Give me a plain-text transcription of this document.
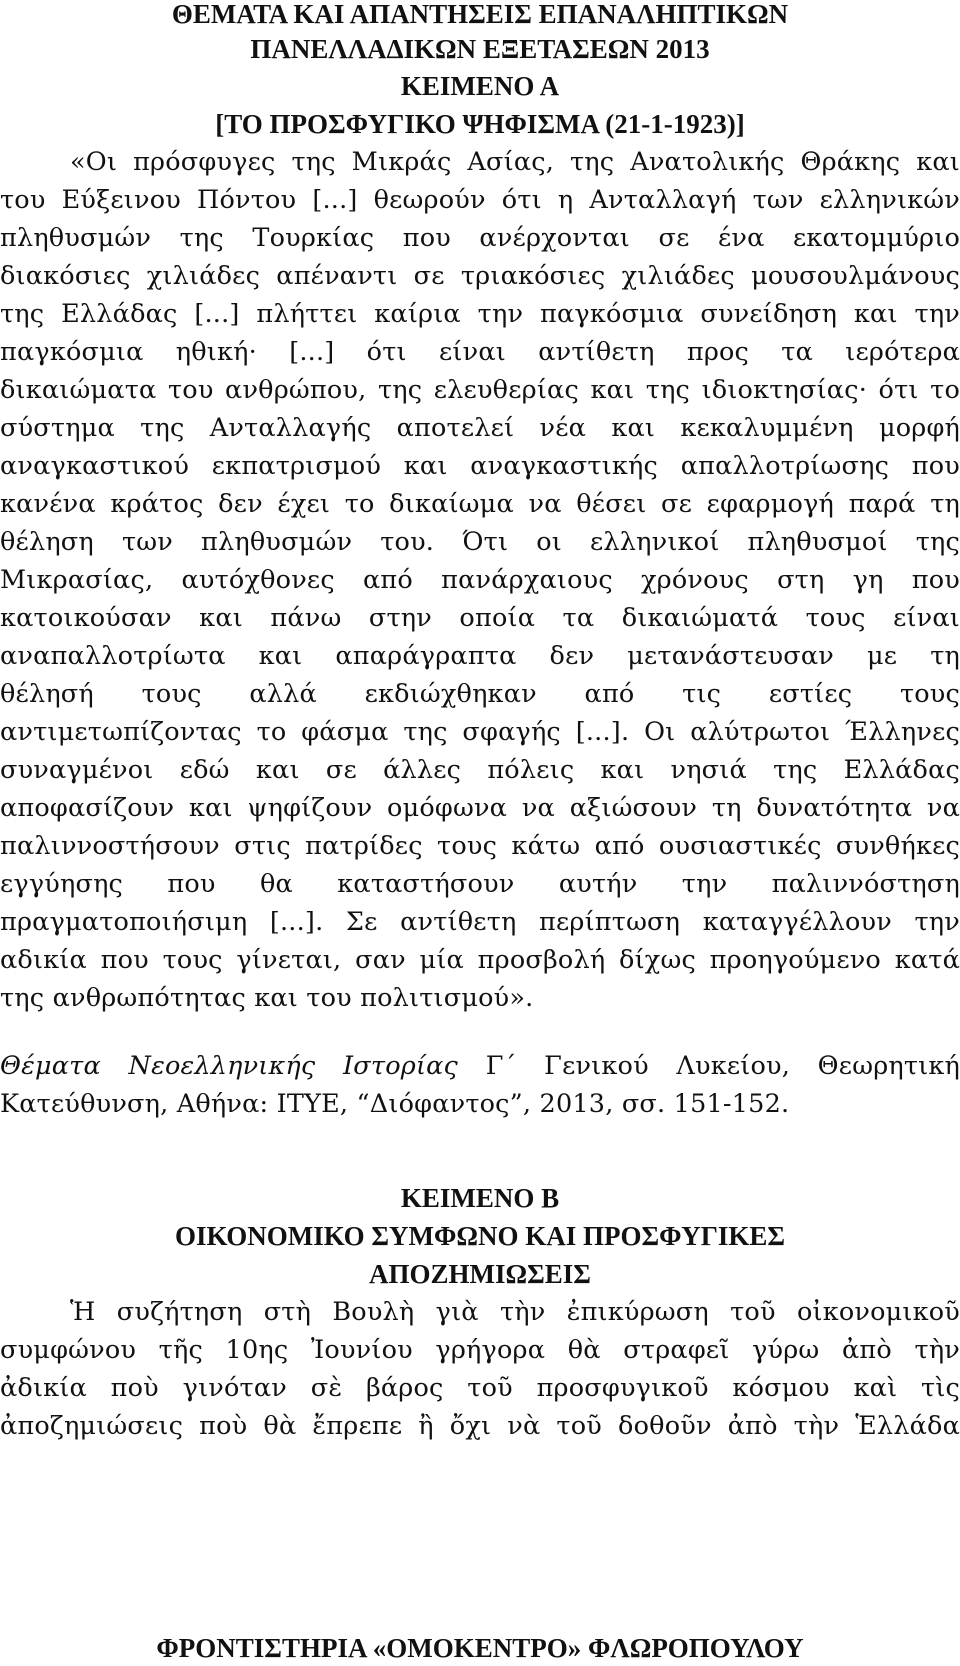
ΘΕΜΑΤΑ ΚΑΙ ΑΠΑΝΤΗΣΕΙΣ ΕΠΑΝΑΛΗΠΤΙΚΩΝ
ΠΑΝΕΛΛΑΔΙΚΩΝ ΕΞΕΤΑΣΕΩΝ 2013
ΚΕΙΜΕΝΟ Α
[ΤΟ ΠΡΟΣΦΥΓΙΚΟ ΨΗΦΙΣΜΑ (21-1-1923)]
«Οι πρόσφυγες της Μικράς Ασίας, της Ανατολικής Θράκης και
του Εύξεινου Πόντου [...] θεωρούν ότι η Ανταλλαγή των ελληνικών
πληθυσμών της Τουρκίας που ανέρχονται σε ένα εκατομμύριο
διακόσιες χιλιάδες απέναντι σε τριακόσιες χιλιάδες μουσουλμάνους
της Ελλάδας [...] πλήττει καίρια την παγκόσμια συνείδηση και την
παγκόσμια ηθική· [...] ότι είναι αντίθετη προς τα ιερότερα
δικαιώματα του ανθρώπου, της ελευθερίας και της ιδιοκτησίας· ότι το
σύστημα της Ανταλλαγής αποτελεί νέα και κεκαλυμμένη μορφή
αναγκαστικού εκπατρισμού και αναγκαστικής απαλλοτρίωσης που
κανένα κράτος δεν έχει το δικαίωμα να θέσει σε εφαρμογή παρά τη
θέληση των πληθυσμών του. Ότι οι ελληνικοί πληθυσμοί της
Μικρασίας, αυτόχθονες από πανάρχαιους χρόνους στη γη που
κατοικούσαν και πάνω στην οποία τα δικαιώματά τους είναι
αναπαλλοτρίωτα και απαράγραπτα δεν μετανάστευσαν με τη
θέλησή τους αλλά εκδιώχθηκαν από τις εστίες τους
αντιμετωπίζοντας το φάσμα της σφαγής [...]. Οι αλύτρωτοι Έλληνες
συναγμένοι εδώ και σε άλλες πόλεις και νησιά της Ελλάδας
αποφασίζουν και ψηφίζουν ομόφωνα να αξιώσουν τη δυνατότητα να
παλιννοστήσουν στις πατρίδες τους κάτω από ουσιαστικές συνθήκες
εγγύησης που θα καταστήσουν αυτήν την παλιννόστηση
πραγματοποιήσιμη [...]. Σε αντίθετη περίπτωση καταγγέλλουν την
αδικία που τους γίνεται, σαν μία προσβολή δίχως προηγούμενο κατά
της ανθρωπότητας και του πολιτισμού».
Θέματα Νεοελληνικής Ιστορίας Γ΄ Γενικού Λυκείου, Θεωρητική
Κατεύθυνση, Αθήνα: ΙΤΥΕ, “Διόφαντος”, 2013, σσ. 151-152.
ΚΕΙΜΕΝΟ Β
ΟΙΚΟΝΟΜΙΚΟ ΣΥΜΦΩΝΟ ΚΑΙ ΠΡΟΣΦΥΓΙΚΕΣ
ΑΠΟΖΗΜΙΩΣΕΙΣ
Ἡ συζήτηση στὴ Βουλὴ γιὰ τὴν ἐπικύρωση τοῦ οἰκονομικοῦ
συμφώνου τῆς 10ης Ἰουνίου γρήγορα θὰ στραφεῖ γύρω ἀπὸ τὴν
ἀδικία ποὺ γινόταν σὲ βάρος τοῦ προσφυγικοῦ κόσμου καὶ τὶς
ἀποζημιώσεις ποὺ θὰ ἔπρεπε ἢ ὄχι νὰ τοῦ δοθοῦν ἀπὸ τὴν Ἑλλάδα
ΦΡΟΝΤΙΣΤΗΡΙΑ «ΟΜΟΚΕΝΤΡΟ» ΦΛΩΡΟΠΟΥΛΟΥ
